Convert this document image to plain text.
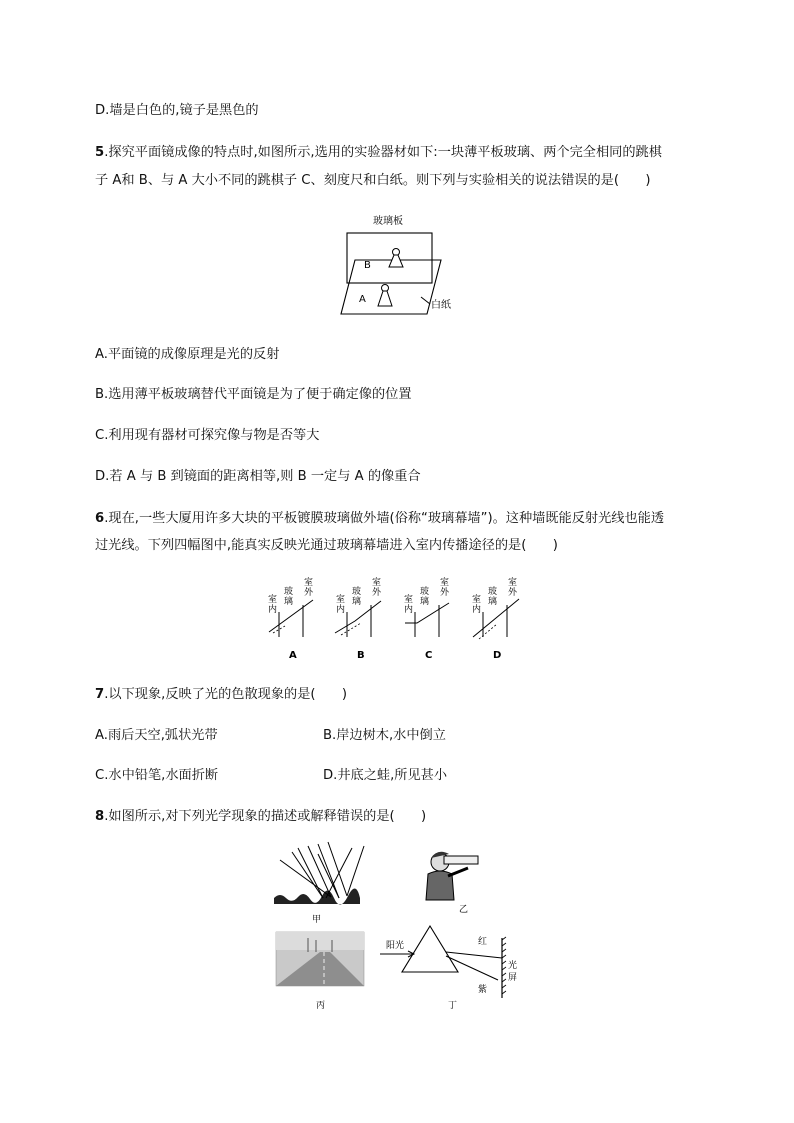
D.墙是白色的,镜子是黑色的
5.探究平面镜成像的特点时,如图所示,选用的实验器材如下:一块薄平板玻璃、两个完全相同的跳棋
子 A和 B、与 A 大小不同的跳棋子 C、刻度尺和白纸。则下列与实验相关的说法错误的是(　　)
玻璃板
B
A
白纸
A.平面镜的成像原理是光的反射
B.选用薄平板玻璃替代平面镜是为了便于确定像的位置
C.利用现有器材可探究像与物是否等大
D.若 A 与 B 到镜面的距离相等,则 B 一定与 A 的像重合
6.现在,一些大厦用许多大块的平板镀膜玻璃做外墙(俗称“玻璃幕墙”)。这种墙既能反射光线也能透
过光线。下列四幅图中,能真实反映光通过玻璃幕墙进入室内传播途径的是(　　)
室
内
玻
璃
室
外
A
室
内
玻
璃
室
外
B
室
内
玻
璃
室
外
C
室
内
玻
璃
室
外
D
7.以下现象,反映了光的色散现象的是(　　)
A.雨后天空,弧状光带	B.岸边树木,水中倒立
C.水中铅笔,水面折断	D.井底之蛙,所见甚小
8.如图所示,对下列光学现象的描述或解释错误的是(　　)
甲
乙
丙
阳光	红
紫
光
屏
丁
